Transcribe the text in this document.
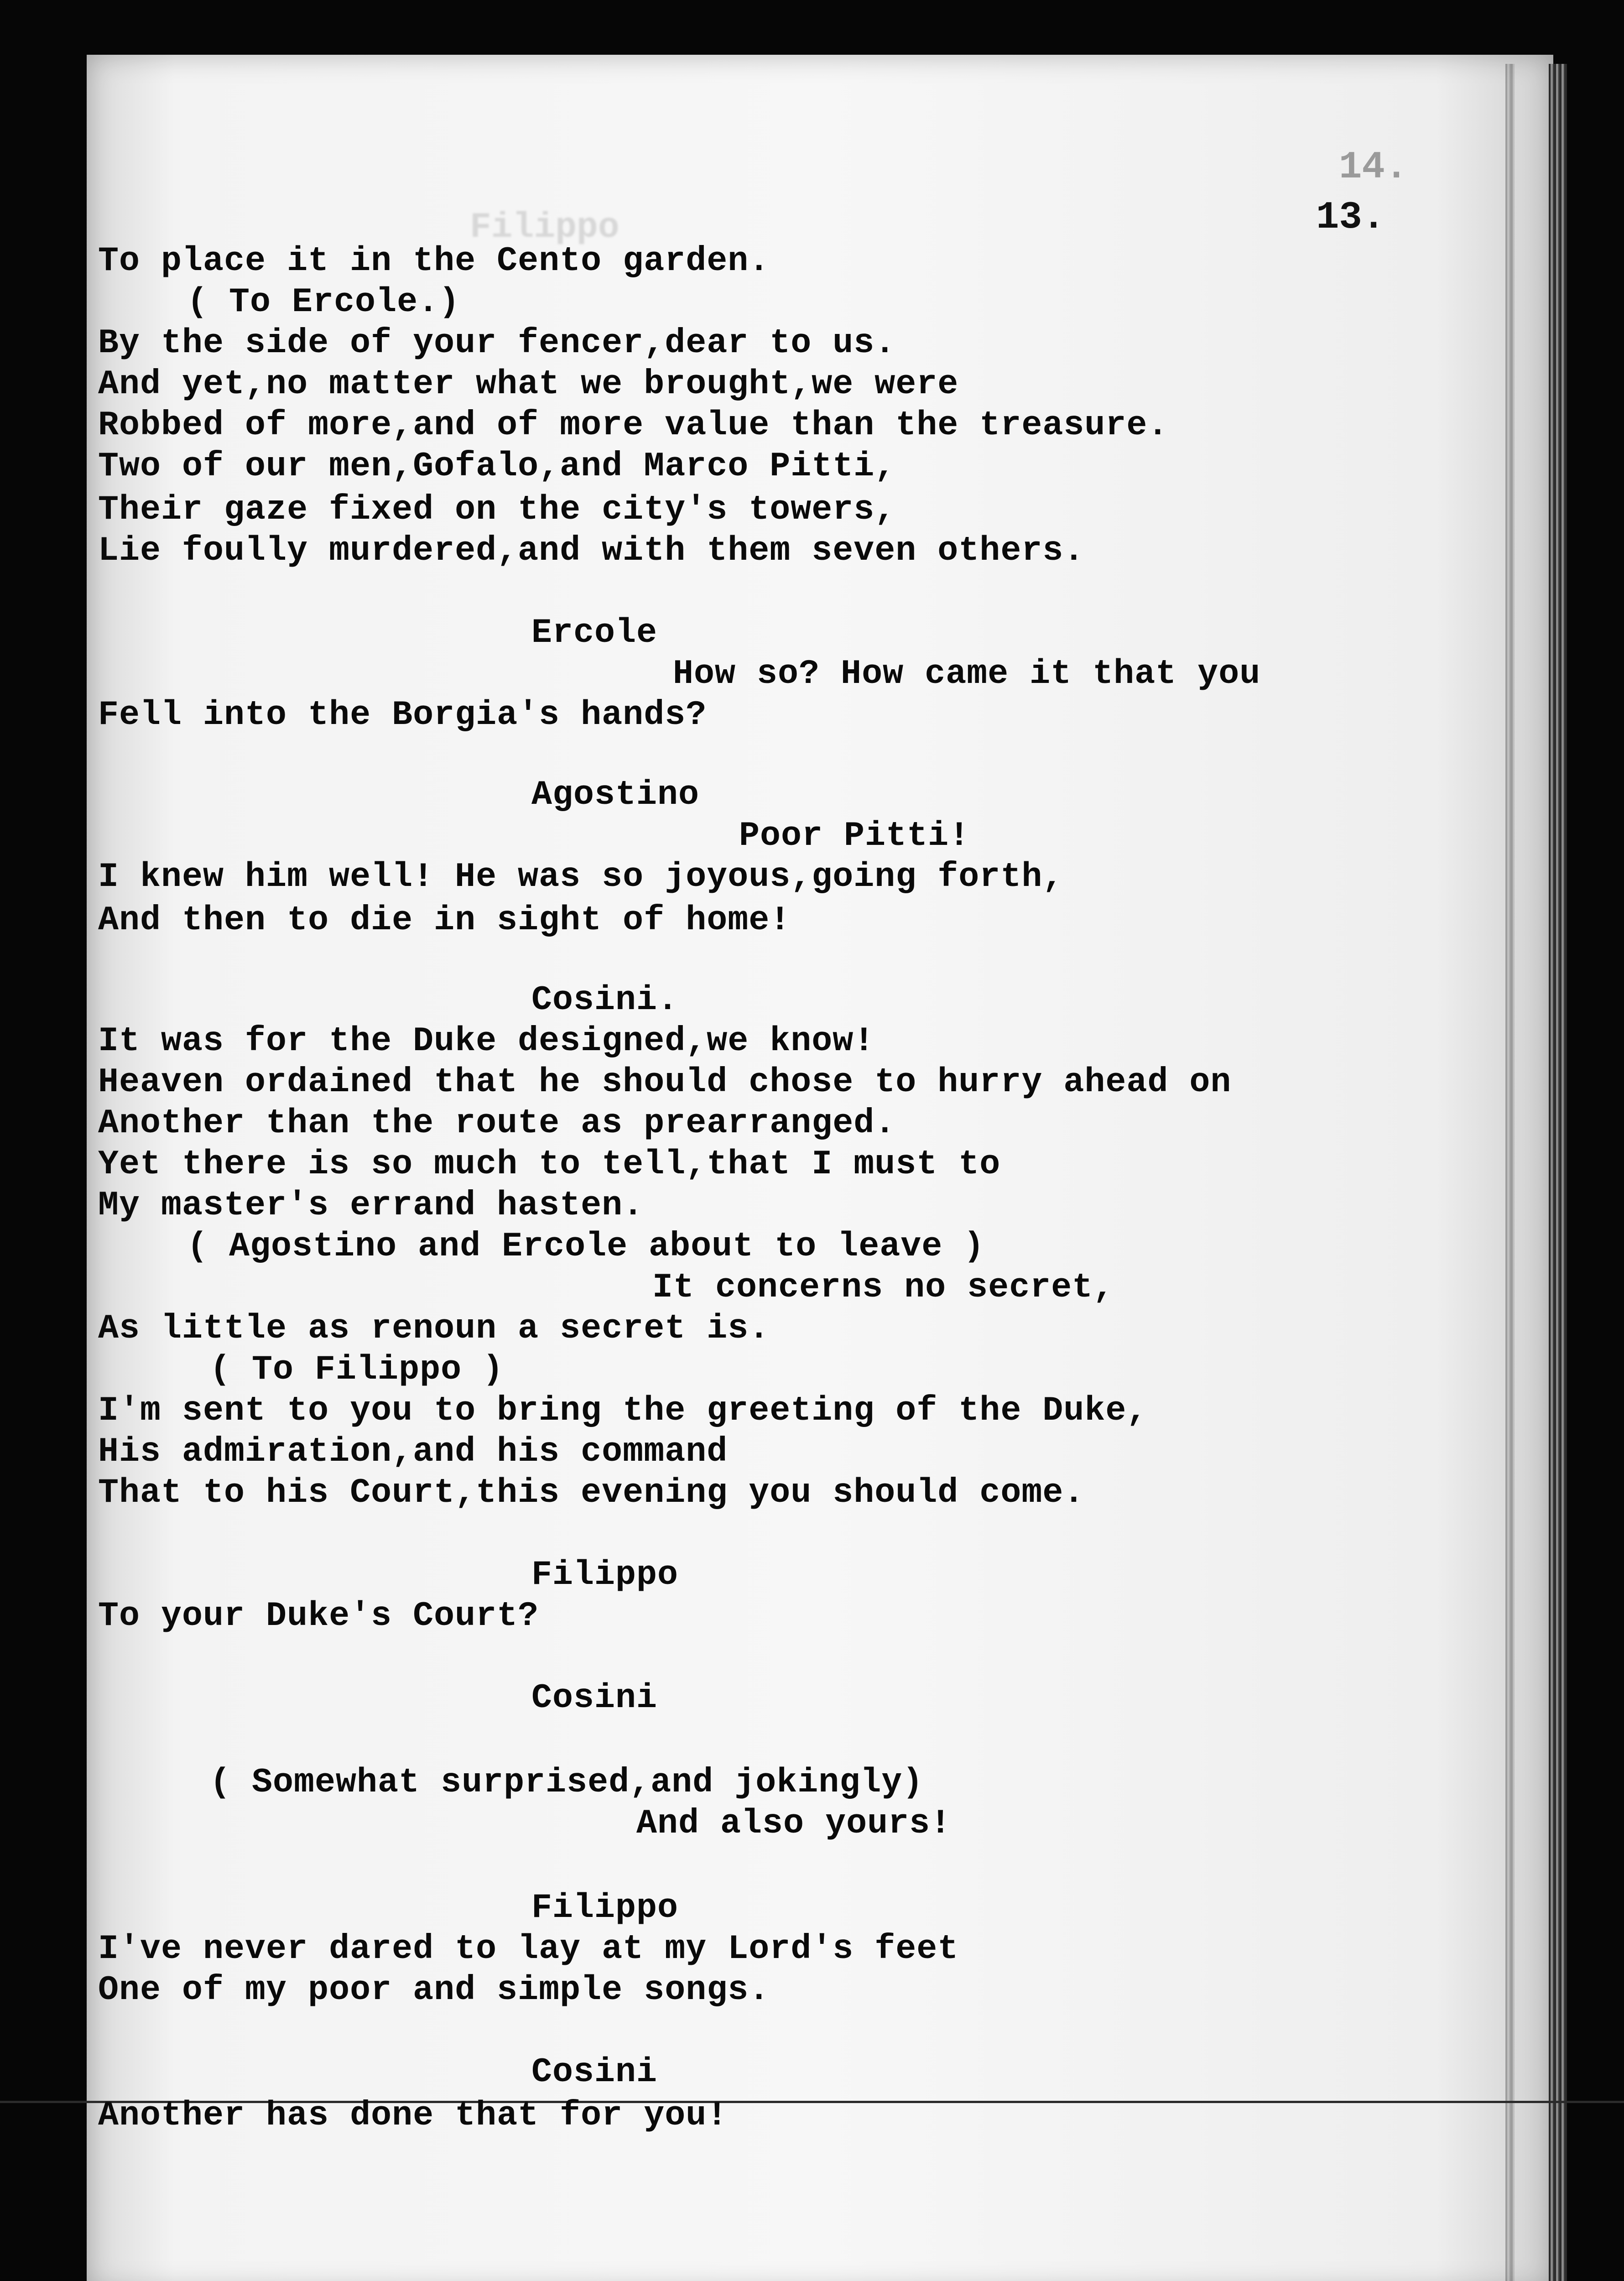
Filippo
14.
13.
To place it in the Cento garden.
( To Ercole.)
By the side of your fencer,dear to us.
And yet,no matter what we brought,we were
Robbed of more,and of more value than the treasure.
Two of our men,Gofalo,and Marco Pitti,
Their gaze fixed on the city's towers,
Lie foully murdered,and with them seven others.
Ercole
How so? How came it that you
Fell into the Borgia's hands?
Agostino
Poor Pitti!
I knew him well! He was so joyous,going forth,
And then to die in sight of home!
Cosini.
It was for the Duke designed,we know!
Heaven ordained that he should chose to hurry ahead on
Another than the route as prearranged.
Yet there is so much to tell,that I must to
My master's errand hasten.
( Agostino and Ercole about to leave )
It concerns no secret,
As little as renoun a secret is.
( To Filippo )
I'm sent to you to bring the greeting of the Duke,
His admiration,and his command
That to his Court,this evening you should come.
Filippo
To your Duke's Court?
Cosini
( Somewhat surprised,and jokingly)
And also yours!
Filippo
I've never dared to lay at my Lord's feet
One of my poor and simple songs.
Cosini
Another has done that for you!
